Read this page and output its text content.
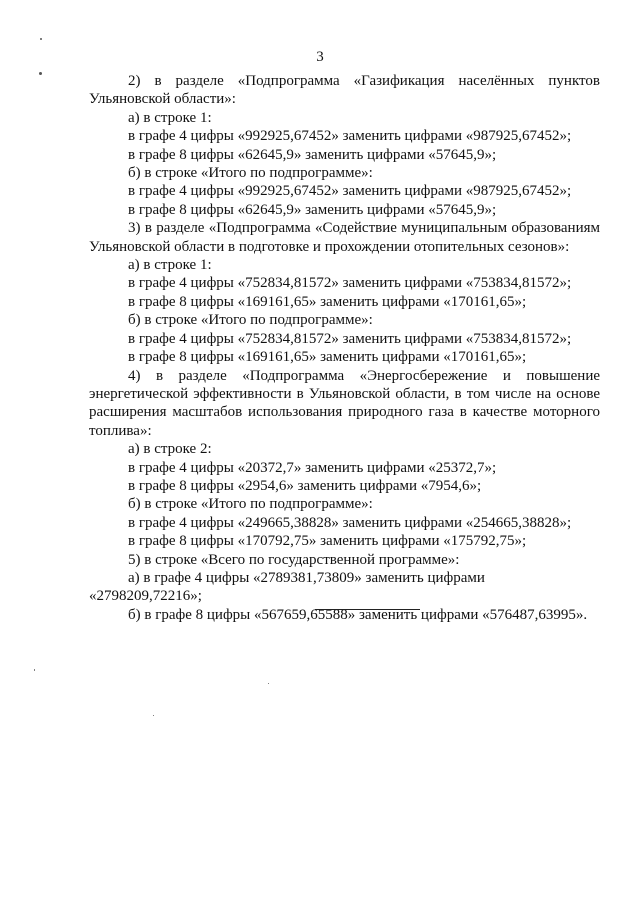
3

2) в разделе «Подпрограмма «Газификация населённых пунктов Ульяновской области»:

а) в строке 1:

в графе 4 цифры «992925,67452» заменить цифрами «987925,67452»;

в графе 8 цифры «62645,9» заменить цифрами «57645,9»;

б) в строке «Итого по подпрограмме»:

в графе 4 цифры «992925,67452» заменить цифрами «987925,67452»;

в графе 8 цифры «62645,9» заменить цифрами «57645,9»;

3) в разделе «Подпрограмма «Содействие муниципальным образованиям Ульяновской области в подготовке и прохождении отопительных сезонов»:

а) в строке 1:

в графе 4 цифры «752834,81572» заменить цифрами «753834,81572»;

в графе 8 цифры «169161,65» заменить цифрами «170161,65»;

б) в строке «Итого по подпрограмме»:

в графе 4 цифры «752834,81572» заменить цифрами «753834,81572»;

в графе 8 цифры «169161,65» заменить цифрами «170161,65»;

4) в разделе «Подпрограмма «Энергосбережение и повышение энергетической эффективности в Ульяновской области, в том числе на основе расширения масштабов использования природного газа в качестве моторного топлива»:

а) в строке 2:

в графе 4 цифры «20372,7» заменить цифрами «25372,7»;

в графе 8 цифры «2954,6» заменить цифрами «7954,6»;

б) в строке «Итого по подпрограмме»:

в графе 4 цифры «249665,38828» заменить цифрами «254665,38828»;

в графе 8 цифры «170792,75» заменить цифрами «175792,75»;

5) в строке «Всего по государственной программе»:

а) в графе 4 цифры «2789381,73809» заменить цифрами «2798209,72216»;

б) в графе 8 цифры «567659,65588» заменить цифрами «576487,63995».
